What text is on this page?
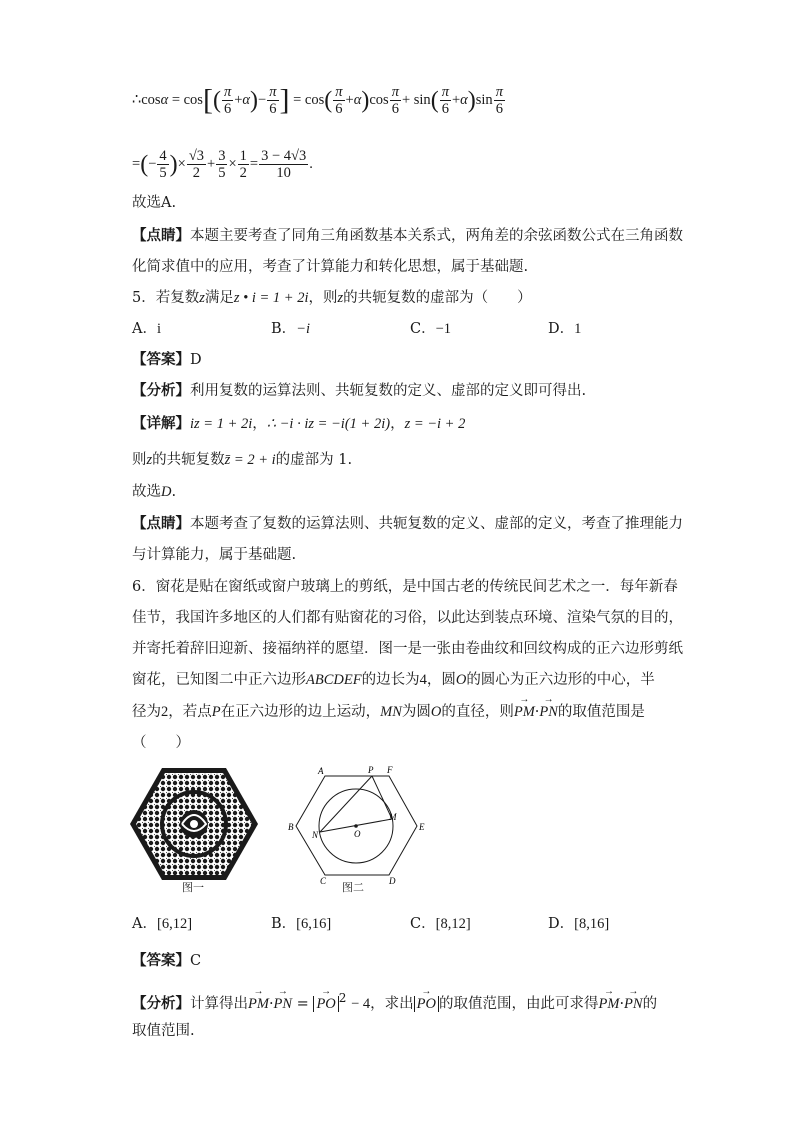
∴cosα = $\cos[( \frac{\pi}{6} +\alpha)- \frac{\pi}{6}$ ] = $\cos( \frac{\pi}{6} +\alpha)\cos \frac{\pi}{6} + \sin( \frac{\pi}{6} +\alpha)\sin \frac{\pi}{6}$
=(− $\frac{4}{5}$ )× $\frac{√3}{2} + \frac{3}{5} \times \frac{1}{2} = \frac{3 - 4√3}{10}$ .
故选Α.
【点睛】本题主要考查了同角三角函数基本关系式，两角差的余弦函数公式在三角函数
化简求值中的应用，考查了计算能力和转化思想，属于基础题.
5．若复数z满足z • i = 1 + 2i，则z的共轭复数的虚部为（　　）
A．i	B．−i	C．−1	D．1
【答案】D
【分析】利用复数的运算法则、共轭复数的定义、虚部的定义即可得出.
【详解】iz = 1 + 2i，∴ −i · iz = −i(1 + 2i)，z = −i + 2
则z的共轭复数z̄ = 2 + i的虚部为 1.
故选D.
【点睛】本题考查了复数的运算法则、共轭复数的定义、虚部的定义，考查了推理能力
与计算能力，属于基础题.
6．窗花是贴在窗纸或窗户玻璃上的剪纸，是中国古老的传统民间艺术之一．每年新春
佳节，我国许多地区的人们都有贴窗花的习俗，以此达到装点环境、渲染气氛的目的，
并寄托着辞旧迎新、接福纳祥的愿望．图一是一张由卷曲纹和回纹构成的正六边形剪纸
窗花，已知图二中正六边形ABCDEF的边长为4，圆O的圆心为正六边形的中心，半
径为2，若点P在正六边形的边上运动，MN为圆O的直径，则→ PM·→ PN的取值范围是
（　　）
图一
A	P F
B
N	O
M
E
C	D
图二
A．[6,12]	B．[6,16]	C．[8,12]	D．[8,16]
【答案】C
【分析】计算得出→ PM·→ PN = → PO $^2$ − 4，求出→ PO 的取值范围，由此可求得→ PM·→ PN的
取值范围.
